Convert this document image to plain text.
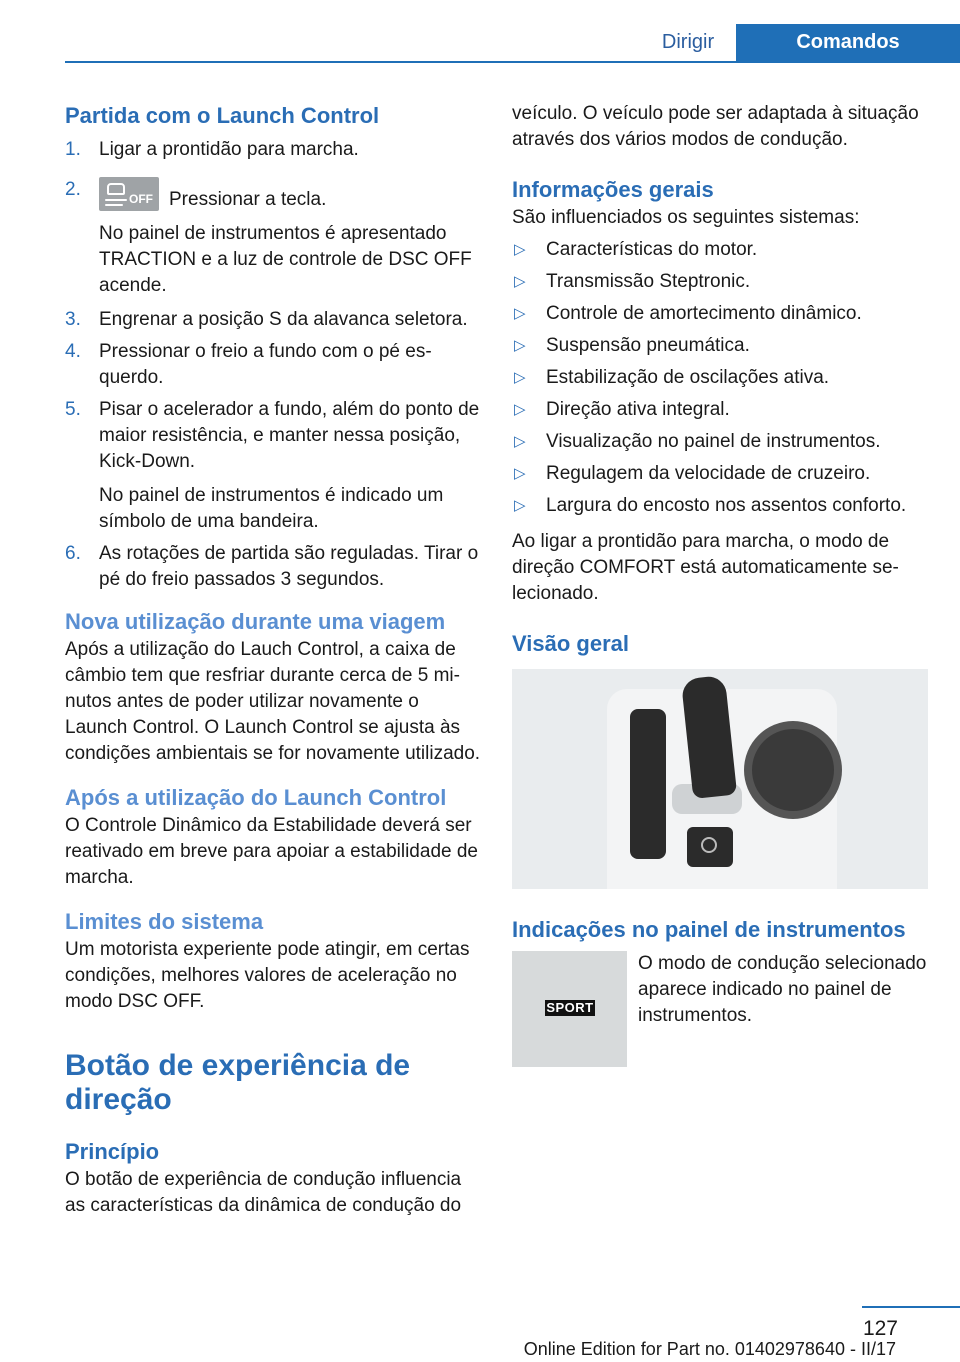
Dirigir	Comandos

Partida com o Launch Control

1. Ligar a prontidão para marcha.
2.	OFF Pressionar a tecla.
No painel de instrumentos é apresentado TRACTION e a luz de controle de DSC OFF acende.
3. Engrenar a posição S da alavanca seletora.
4. Pressionar o freio a fundo com o pé esquerdo.
5. Pisar o acelerador a fundo, além do ponto de maior resistência, e manter nessa posição, Kick-Down.
No painel de instrumentos é indicado um símbolo de uma bandeira.
6. As rotações de partida são reguladas. Tirar o pé do freio passados 3 segundos.

Nova utilização durante uma viagem

Após a utilização do Lauch Control, a caixa de câmbio tem que resfriar durante cerca de 5 minutos antes de poder utilizar novamente o Launch Control. O Launch Control se ajusta às condições ambientais se for novamente utilizado.

Após a utilização do Launch Control

O Controle Dinâmico da Estabilidade deverá ser reativado em breve para apoiar a estabilidade de marcha.

Limites do sistema

Um motorista experiente pode atingir, em certas condições, melhores valores de aceleração no modo DSC OFF.

Botão de experiência de direção

Princípio

O botão de experiência de condução influencia as características da dinâmica de condução do

veículo. O veículo pode ser adaptada à situação através dos vários modos de condução.

Informações gerais

São influenciados os seguintes sistemas:

▷ Características do motor.
▷ Transmissão Steptronic.
▷ Controle de amortecimento dinâmico.
▷ Suspensão pneumática.
▷ Estabilização de oscilações ativa.
▷ Direção ativa integral.
▷ Visualização no painel de instrumentos.
▷ Regulagem da velocidade de cruzeiro.
▷ Largura do encosto nos assentos conforto.

Ao ligar a prontidão para marcha, o modo de direção COMFORT está automaticamente selecionado.

Visão geral

Indicações no painel de instrumentos

SPORT
O modo de condução selecionado aparece indicado no painel de instrumentos.
127
Online Edition for Part no. 01402978640 - II/17
